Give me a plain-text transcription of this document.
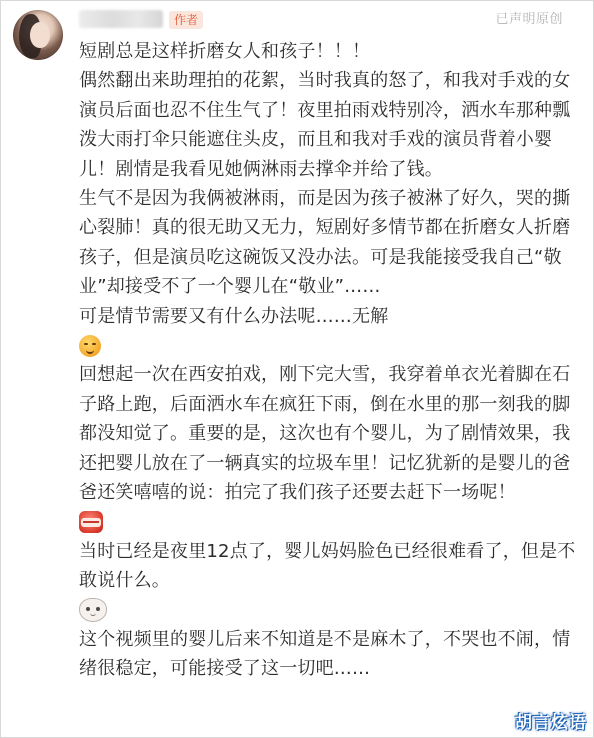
作者	已声明原创

短剧总是这样折磨女人和孩子！！！

偶然翻出来助理拍的花絮，当时我真的怒了，和我对手戏的女演员后面也忍不住生气了！夜里拍雨戏特别冷，洒水车那种瓢泼大雨打伞只能遮住头皮，而且和我对手戏的演员背着小婴儿！剧情是我看见她俩淋雨去撑伞并给了钱。

生气不是因为我俩被淋雨，而是因为孩子被淋了好久，哭的撕心裂肺！真的很无助又无力，短剧好多情节都在折磨女人折磨孩子，但是演员吃这碗饭又没办法。可是我能接受我自己“敬业”却接受不了一个婴儿在“敬业”……

可是情节需要又有什么办法呢……无解

回想起一次在西安拍戏，刚下完大雪，我穿着单衣光着脚在石子路上跑，后面洒水车在疯狂下雨，倒在水里的那一刻我的脚都没知觉了。重要的是，这次也有个婴儿，为了剧情效果，我还把婴儿放在了一辆真实的垃圾车里！记忆犹新的是婴儿的爸爸还笑嘻嘻的说：拍完了我们孩子还要去赶下一场呢！

当时已经是夜里12点了，婴儿妈妈脸色已经很难看了，但是不敢说什么。

这个视频里的婴儿后来不知道是不是麻木了，不哭也不闹，情绪很稳定，可能接受了这一切吧……

胡言炫语
